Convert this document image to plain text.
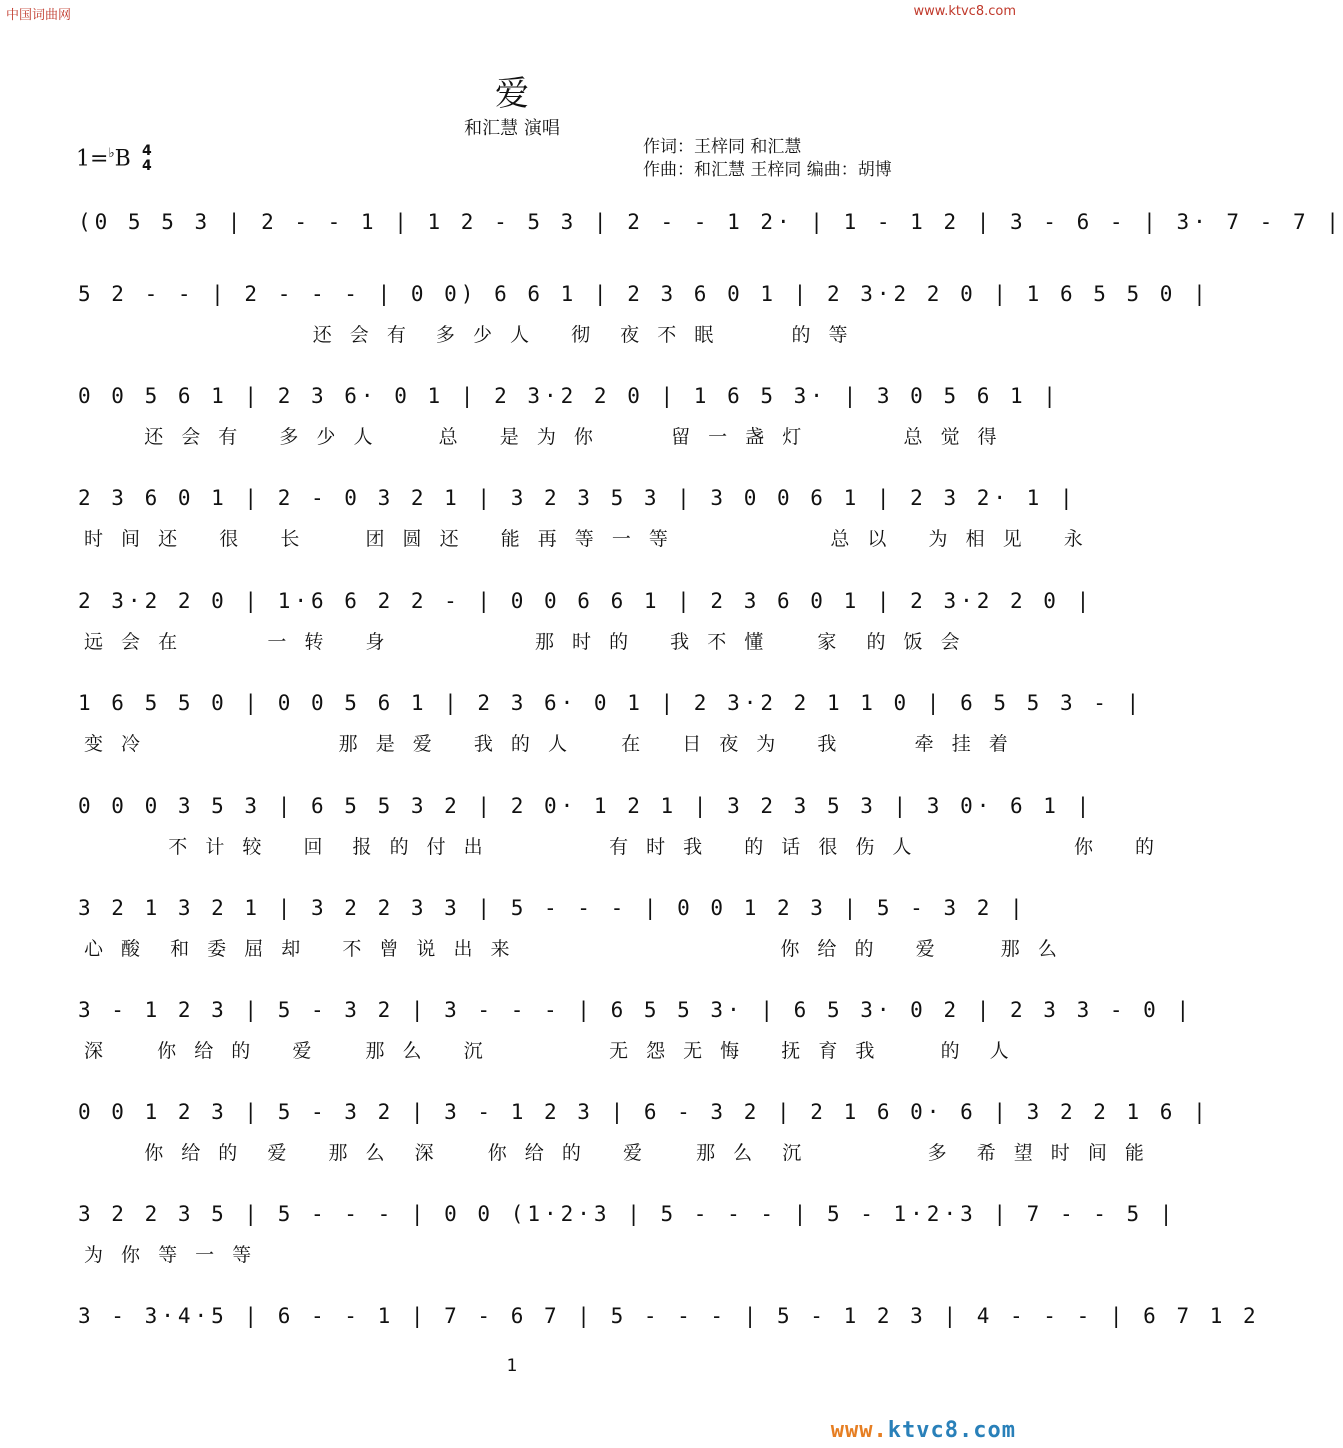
中国词曲网	www.ktvc8.com
爱
和汇慧 演唱
1=♭B 4
4
作词：王梓同 和汇慧
作曲：和汇慧 王梓同 编曲：胡博
(0 5 5 3 | 2 - - 1 | 1 2 - 5 3 | 2 - - 1 2· | 1 - 1 2 | 3 - 6 - | 3· 7 - 7 |
5 2 - - | 2 - - - | 0 0) 6 6 1 | 2 3 6 0 1 | 2 3·2 2 0 | 1 6 5 5 0 |
还 会 有  多 少 人   彻  夜 不 眠      的 等
0 0 5 6 1 | 2 3 6· 0 1 | 2 3·2 2 0 | 1 6 5 3· | 3 0 5 6 1 |
还 会 有   多 少 人     总   是 为 你      留 一 盏 灯        总 觉 得
2 3 6 0 1 | 2 - 0 3 2 1 | 3 2 3 5 3 | 3 0 0 6 1 | 2 3 2· 1 |
时 间 还   很   长     团 圆 还   能 再 等 一 等             总 以   为 相 见   永
2 3·2 2 0 | 1·6 6 2 2 - | 0 0 6 6 1 | 2 3 6 0 1 | 2 3·2 2 0 |
远 会 在       一 转   身            那 时 的   我 不 懂    家  的 饭 会
1 6 5 5 0 | 0 0 5 6 1 | 2 3 6· 0 1 | 2 3·2 2 1 1 0 | 6 5 5 3 - |
变 冷                那 是 爱   我 的 人    在   日 夜 为   我      牵 挂 着
0 0 0 3 5 3 | 6 5 5 3 2 | 2 0· 1 2 1 | 3 2 3 5 3 | 3 0· 6 1 |
不 计 较   回  报 的 付 出          有 时 我   的 话 很 伤 人             你   的
3 2 1 3 2 1 | 3 2 2 3 3 | 5 - - - | 0 0 1 2 3 | 5 - 3 2 |
心 酸  和 委 屈 却   不 曾 说 出 来                      你 给 的   爱     那 么
3 - 1 2 3 | 5 - 3 2 | 3 - - - | 6 5 5 3· | 6 5 3· 0 2 | 2 3 3 - 0 |
深    你 给 的   爱    那 么   沉          无 怨 无 悔   抚 育 我     的  人
0 0 1 2 3 | 5 - 3 2 | 3 - 1 2 3 | 6 - 3 2 | 2 1 6 0· 6 | 3 2 2 1 6 |
你 给 的  爱   那 么  深    你 给 的   爱    那 么  沉          多  希 望 时 间 能
3 2 2 3 5 | 5 - - - | 0 0 (1·2·3 | 5 - - - | 5 - 1·2·3 | 7 - - 5 |
为 你 等 一 等
3 - 3·4·5 | 6 - - 1 | 7 - 6 7 | 5 - - - | 5 - 1 2 3 | 4 - - - | 6 7 1 2
1
www.ktvc8.com
